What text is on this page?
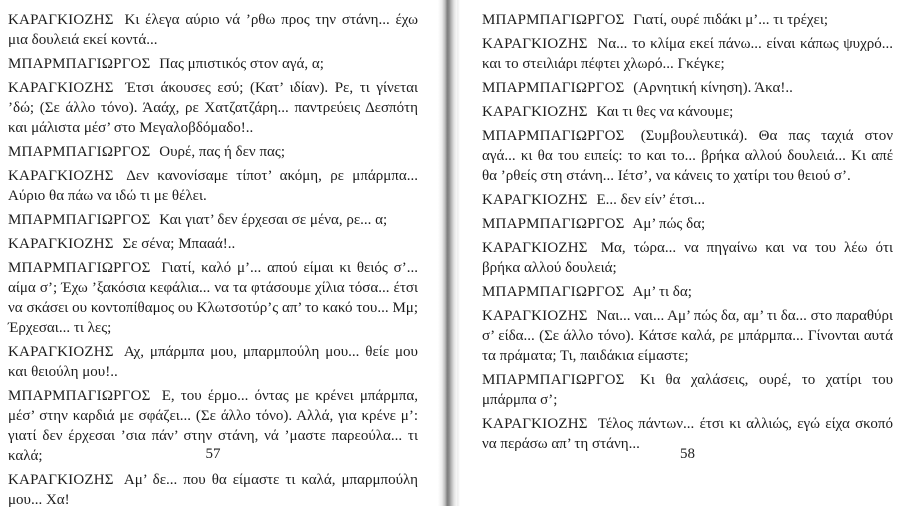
ΚΑΡΑΓΚΙΟΖΗΣ Κι έλεγα αύριο νά ’ρθω προς την στάνη... έχω μια δουλειά εκεί κοντά...

ΜΠΑΡΜΠΑΓΙΩΡΓΟΣ Πας μπιστικός στον αγά, α;

ΚΑΡΑΓΚΙΟΖΗΣ Έτσι άκουσες εσύ; (Κατ’ ιδίαν). Ρε, τι γίνεται ’δώ; (Σε άλλο τόνο). Άαάχ, ρε Χατζατζάρη... παντρεύεις Δεσπότη και μάλιστα μέσ’ στο Μεγαλοβδόμαδο!..

ΜΠΑΡΜΠΑΓΙΩΡΓΟΣ Ουρέ, πας ή δεν πας;

ΚΑΡΑΓΚΙΟΖΗΣ Δεν κανονίσαμε τίποτ’ ακόμη, ρε μπάρμπα... Αύριο θα πάω να ιδώ τι με θέλει.

ΜΠΑΡΜΠΑΓΙΩΡΓΟΣ Και γιατ’ δεν έρχεσαι σε μένα, ρε... α;

ΚΑΡΑΓΚΙΟΖΗΣ Σε σένα; Μπααά!..

ΜΠΑΡΜΠΑΓΙΩΡΓΟΣ Γιατί, καλό μ’... απού είμαι κι θειός σ’... αίμα σ’; Έχω ’ξακόσια κεφάλια... να τα φτάσουμε χίλια τόσα... έτσι να σκάσει ου κοντοπίθαμος ου Κλωτσοτύρ’ς απ’ το κακό του... Μμ; Έρχεσαι... τι λες;

ΚΑΡΑΓΚΙΟΖΗΣ Αχ, μπάρμπα μου, μπαρμπούλη μου... θείε μου και θειούλη μου!..

ΜΠΑΡΜΠΑΓΙΩΡΓΟΣ Ε, του έρμο... όντας με κρένει μπάρμπα, μέσ’ στην καρδιά με σφάζει... (Σε άλλο τόνο). Αλλά, για κρένε μ’: γιατί δεν έρχεσαι ’σια πάν’ στην στάνη, νά ’μαστε παρεούλα... τι καλά;

ΚΑΡΑΓΚΙΟΖΗΣ Αμ’ δε... που θα είμαστε τι καλά, μπαρμπούλη μου... Χα!

ΜΠΑΡΜΠΑΓΙΩΡΓΟΣ Γιατί, ουρέ πιδάκι μ’... τι τρέχει;

ΚΑΡΑΓΚΙΟΖΗΣ Να... το κλίμα εκεί πάνω... είναι κάπως ψυχρό... και το στειλιάρι πέφτει χλωρό... Γκέγκε;

ΜΠΑΡΜΠΑΓΙΩΡΓΟΣ (Αρνητική κίνηση). Άκα!..

ΚΑΡΑΓΚΙΟΖΗΣ Και τι θες να κάνουμε;

ΜΠΑΡΜΠΑΓΙΩΡΓΟΣ (Συμβουλευτικά). Θα πας ταχιά στον αγά... κι θα του ειπείς: το και το... βρήκα αλλού δουλειά... Κι απέ θα ’ρθείς στη στάνη... Ιέτσ’, να κάνεις το χατίρι του θειού σ’.

ΚΑΡΑΓΚΙΟΖΗΣ Ε... δεν είν’ έτσι...

ΜΠΑΡΜΠΑΓΙΩΡΓΟΣ Αμ’ πώς δα;

ΚΑΡΑΓΚΙΟΖΗΣ Μα, τώρα... να πηγαίνω και να του λέω ότι βρήκα αλλού δουλειά;

ΜΠΑΡΜΠΑΓΙΩΡΓΟΣ Αμ’ τι δα;

ΚΑΡΑΓΚΙΟΖΗΣ Ναι... ναι... Αμ’ πώς δα, αμ’ τι δα... στο παραθύρι σ’ είδα... (Σε άλλο τόνο). Κάτσε καλά, ρε μπάρμπα... Γίνονται αυτά τα πράματα; Τι, παιδάκια είμαστε;

ΜΠΑΡΜΠΑΓΙΩΡΓΟΣ Κι θα χαλάσεις, ουρέ, το χατίρι του μπάρμπα σ’;

ΚΑΡΑΓΚΙΟΖΗΣ Τέλος πάντων... έτσι κι αλλιώς, εγώ είχα σκοπό να περάσω απ’ τη στάνη...

57	58
